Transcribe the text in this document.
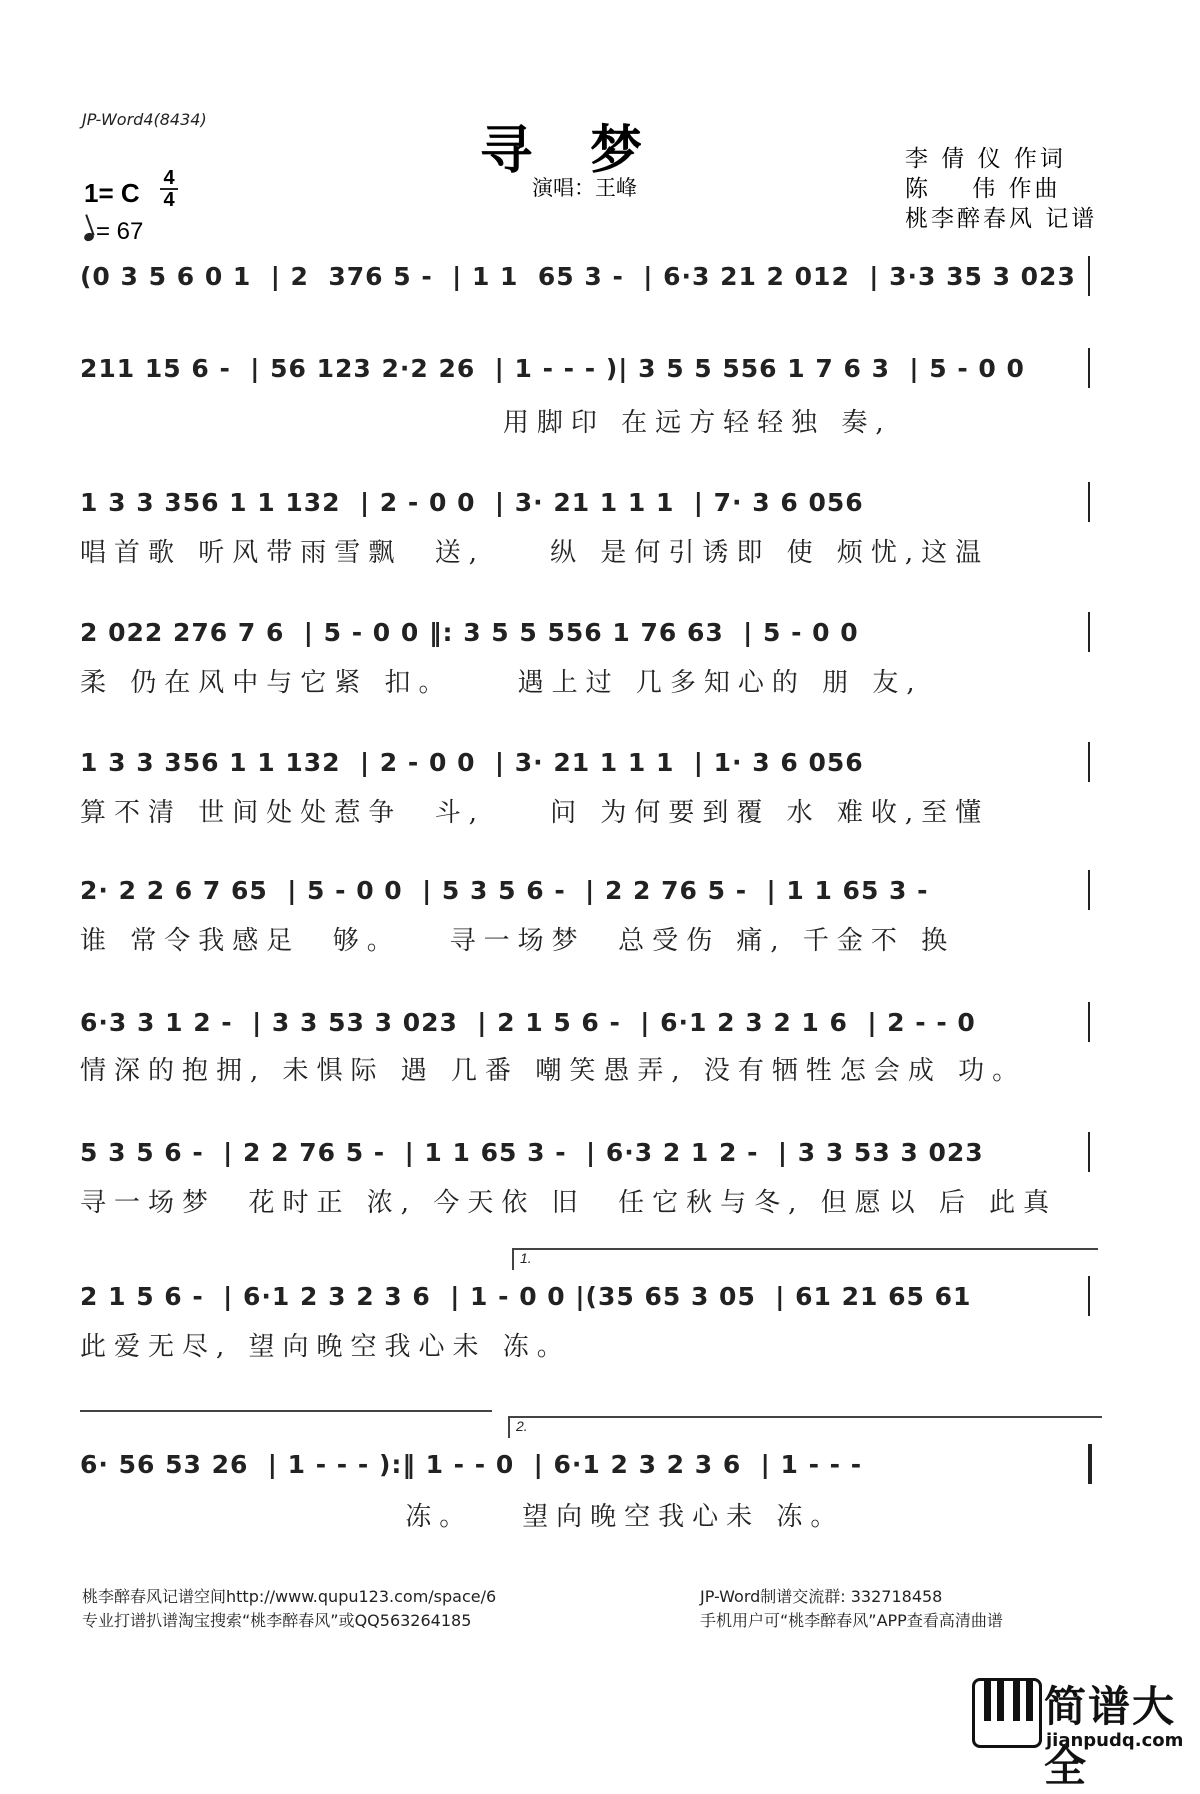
JP-Word4(8434)
寻梦
演唱：王峰
李 倩 仪 作词
陈    伟 作曲
桃李醉春风 记谱
1= C 4
4
= 67
(0 3 5 6 0 1  | 2  376 5 -  | 1 1  65 3 -  | 6·3 21 2 012  | 3·3 35 3 023
211 15 6 -  | 56 123 2·2 26  | 1 - - - )| 3 5 5 556 1 7 6 3  | 5 - 0 0
用脚印 在远方轻轻独 奏,
1 3 3 356 1 1 132  | 2 - 0 0  | 3· 21 1 1 1  | 7· 3 6 056
唱首歌 听风带雨雪飘  送,    纵 是何引诱即 使 烦忧,这温
2 022 276 7 6  | 5 - 0 0 ‖: 3 5 5 556 1 76 63  | 5 - 0 0
柔 仍在风中与它紧 扣。    遇上过 几多知心的 朋 友,
1 3 3 356 1 1 132  | 2 - 0 0  | 3· 21 1 1 1  | 1· 3 6 056
算不清 世间处处惹争  斗,    问 为何要到覆 水 难收,至懂
2· 2 2 6 7 65  | 5 - 0 0  | 5 3 5 6 -  | 2 2 76 5 -  | 1 1 65 3 -
谁 常令我感足  够。   寻一场梦  总受伤 痛, 千金不 换
6·3 3 1 2 -  | 3 3 53 3 023  | 2 1 5 6 -  | 6·1 2 3 2 1 6  | 2 - - 0
情深的抱拥, 未惧际 遇 几番 嘲笑愚弄, 没有牺牲怎会成 功。
5 3 5 6 -  | 2 2 76 5 -  | 1 1 65 3 -  | 6·3 2 1 2 -  | 3 3 53 3 023
寻一场梦  花时正 浓, 今天依 旧  任它秋与冬, 但愿以 后 此真
1.
2 1 5 6 -  | 6·1 2 3 2 3 6  | 1 - 0 0 |(35 65 3 05  | 61 21 65 61
此爱无尽, 望向晚空我心未 冻。
2.
6· 56 53 26  | 1 - - - ):‖ 1 - - 0  | 6·1 2 3 2 3 6  | 1 - - -
冻。   望向晚空我心未 冻。
桃李醉春风记谱空间http://www.qupu123.com/space/6
专业打谱扒谱淘宝搜索“桃李醉春风”或QQ563264185
JP-Word制谱交流群: 332718458
手机用户可“桃李醉春风”APP查看高清曲谱
简谱大全
jianpudq.com
